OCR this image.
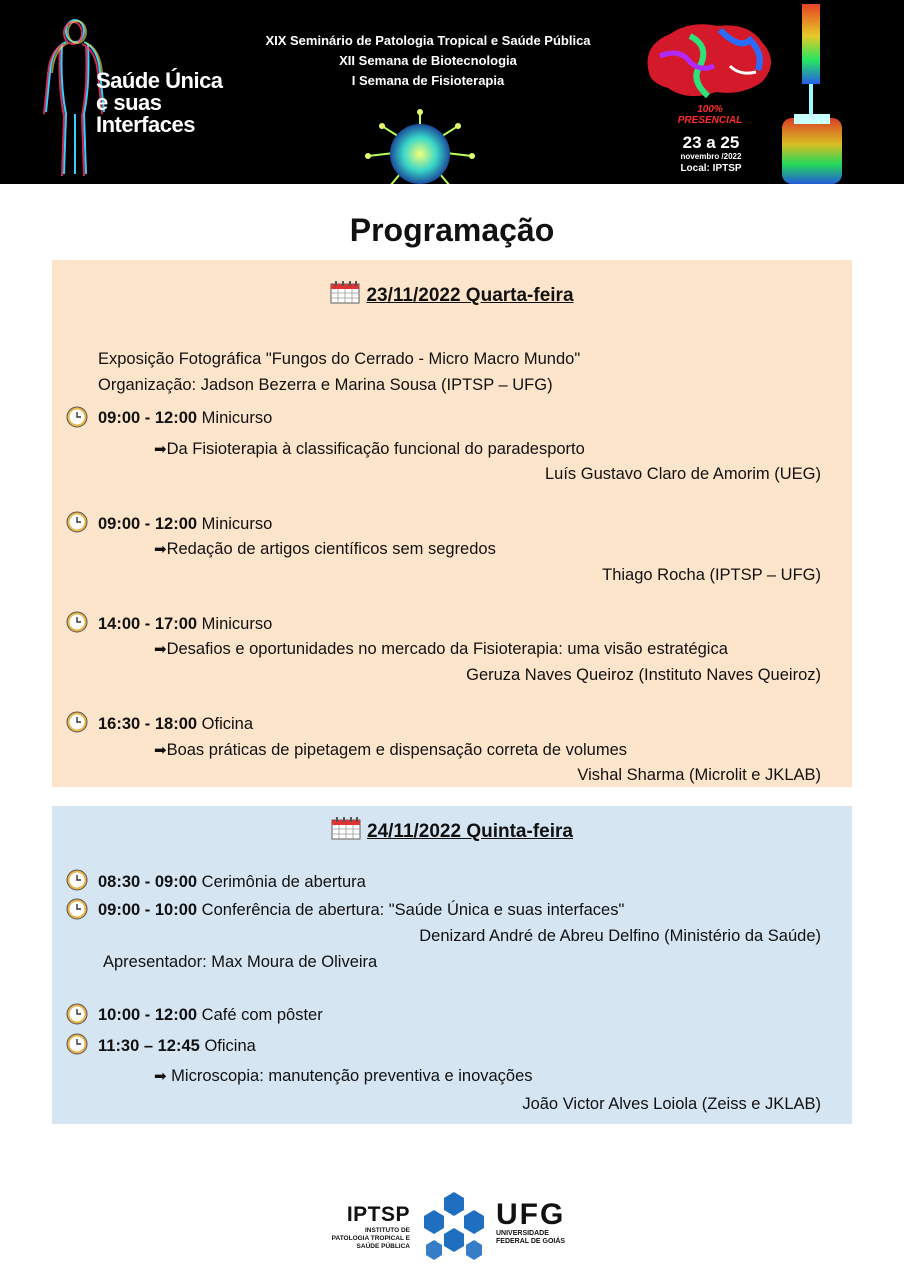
Saúde Única
e suas
Interfaces
XIX Seminário de Patologia Tropical e Saúde Pública
XII Semana de Biotecnologia
I Semana de Fisioterapia
100%
PRESENCIAL
23 a 25
novembro /2022
Local: IPTSP
Programação
23/11/2022 Quarta-feira
Exposição Fotográfica "Fungos do Cerrado - Micro Macro Mundo"
Organização: Jadson Bezerra e Marina Sousa (IPTSP – UFG)
09:00 - 12:00 Minicurso
➡Da Fisioterapia à classificação funcional do paradesporto
Luís Gustavo Claro de Amorim (UEG)
09:00 - 12:00 Minicurso
➡Redação de artigos científicos sem segredos
Thiago Rocha (IPTSP – UFG)
14:00 - 17:00 Minicurso
➡Desafios e oportunidades no mercado da Fisioterapia: uma visão estratégica
Geruza Naves Queiroz (Instituto Naves Queiroz)
16:30 - 18:00 Oficina
➡Boas práticas de pipetagem e dispensação correta de volumes
Vishal Sharma (Microlit e JKLAB)
24/11/2022 Quinta-feira
08:30 - 09:00 Cerimônia de abertura
09:00 - 10:00 Conferência de abertura: "Saúde Única e suas interfaces"
Denizard André de Abreu Delfino (Ministério da Saúde)
Apresentador: Max Moura de Oliveira
10:00 - 12:00 Café com pôster
11:30 – 12:45 Oficina
➡ Microscopia: manutenção preventiva e inovações
João Victor Alves Loiola (Zeiss e JKLAB)
IPTSP
INSTITUTO DE
PATOLOGIA TROPICAL E
SAÚDE PÚBLICA
UFG
UNIVERSIDADE
FEDERAL DE GOIÁS
